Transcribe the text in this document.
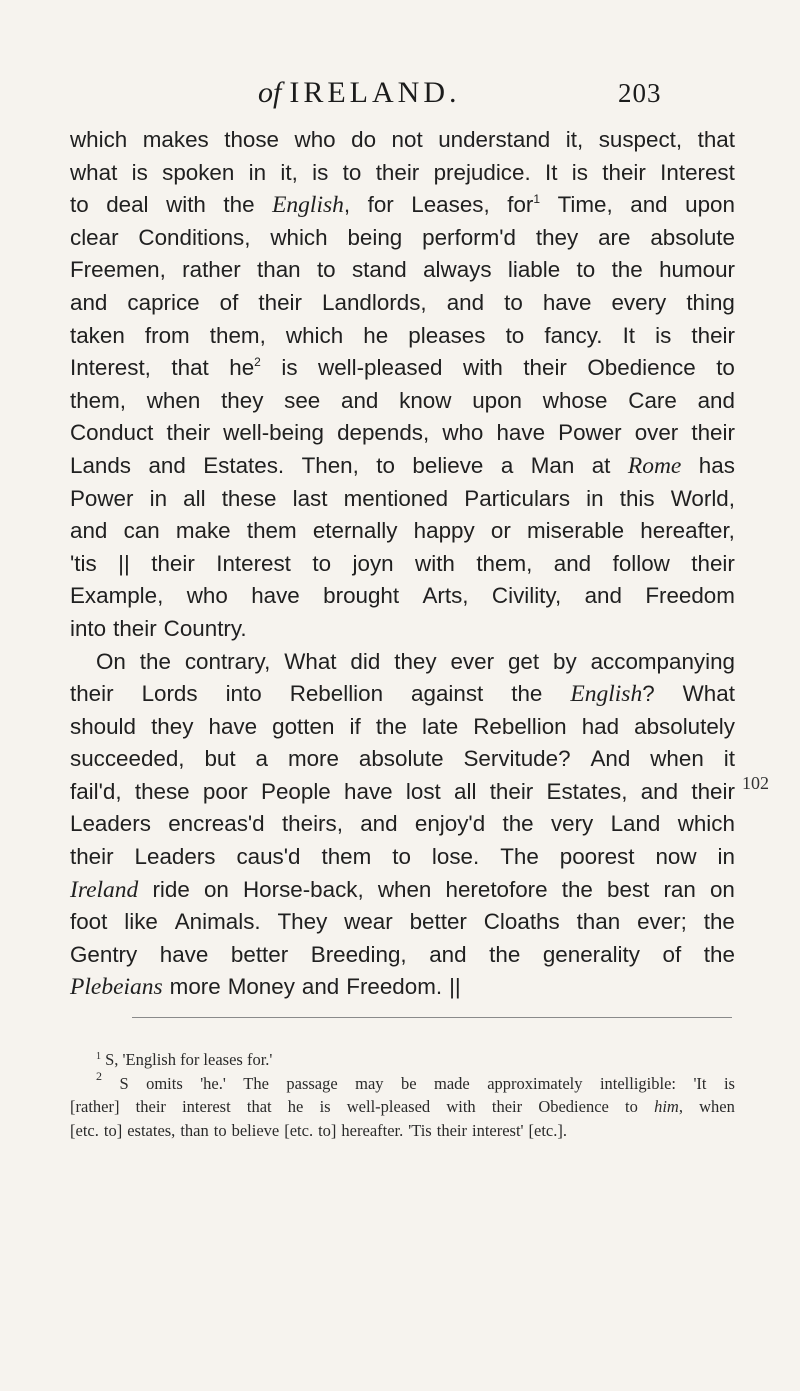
of IRELAND.	203
which makes those who do not understand it, suspect, that
what is spoken in it, is to their prejudice. It is their Interest
to deal with the English, for Leases, for$^1$ Time, and upon
clear Conditions, which being perform'd they are absolute
Freemen, rather than to stand always liable to the humour
and caprice of their Landlords, and to have every thing
taken from them, which he pleases to fancy. It is their
Interest, that $he^2$ is well-pleased with their Obedience to
them, when they see and know upon whose Care and
Conduct their well-being depends, who have Power over their
Lands and Estates. Then, to believe a Man at Rome has
Power in all these last mentioned Particulars in this World,
and can make them eternally happy or miserable hereafter,
'tis || their Interest to joyn with them, and follow their
Example, who have brought Arts, Civility, and Freedom
into their Country.
On the contrary, What did they ever get by accompanying
their Lords into Rebellion against the English? What
should they have gotten if the late Rebellion had absolutely
succeeded, but a more absolute Servitude? And when it
fail'd, these poor People have lost all their Estates, and their
Leaders encreas'd theirs, and enjoy'd the very Land which
their Leaders caus'd them to lose. The poorest now in
Ireland ride on Horse-back, when heretofore the best ran on
foot like Animals. They wear better Cloaths than ever; the
Gentry have better Breeding, and the generality of the
Plebeians more Money and Freedom. ||
102
$^1$ S, 'English for leases for.'
$^2$ S omits 'he.' The passage may be made approximately intelligible: 'It is
[rather] their interest that he is well-pleased with their Obedience to him, when
[etc. to] estates, than to believe [etc. to] hereafter. 'Tis their interest' [etc.].
